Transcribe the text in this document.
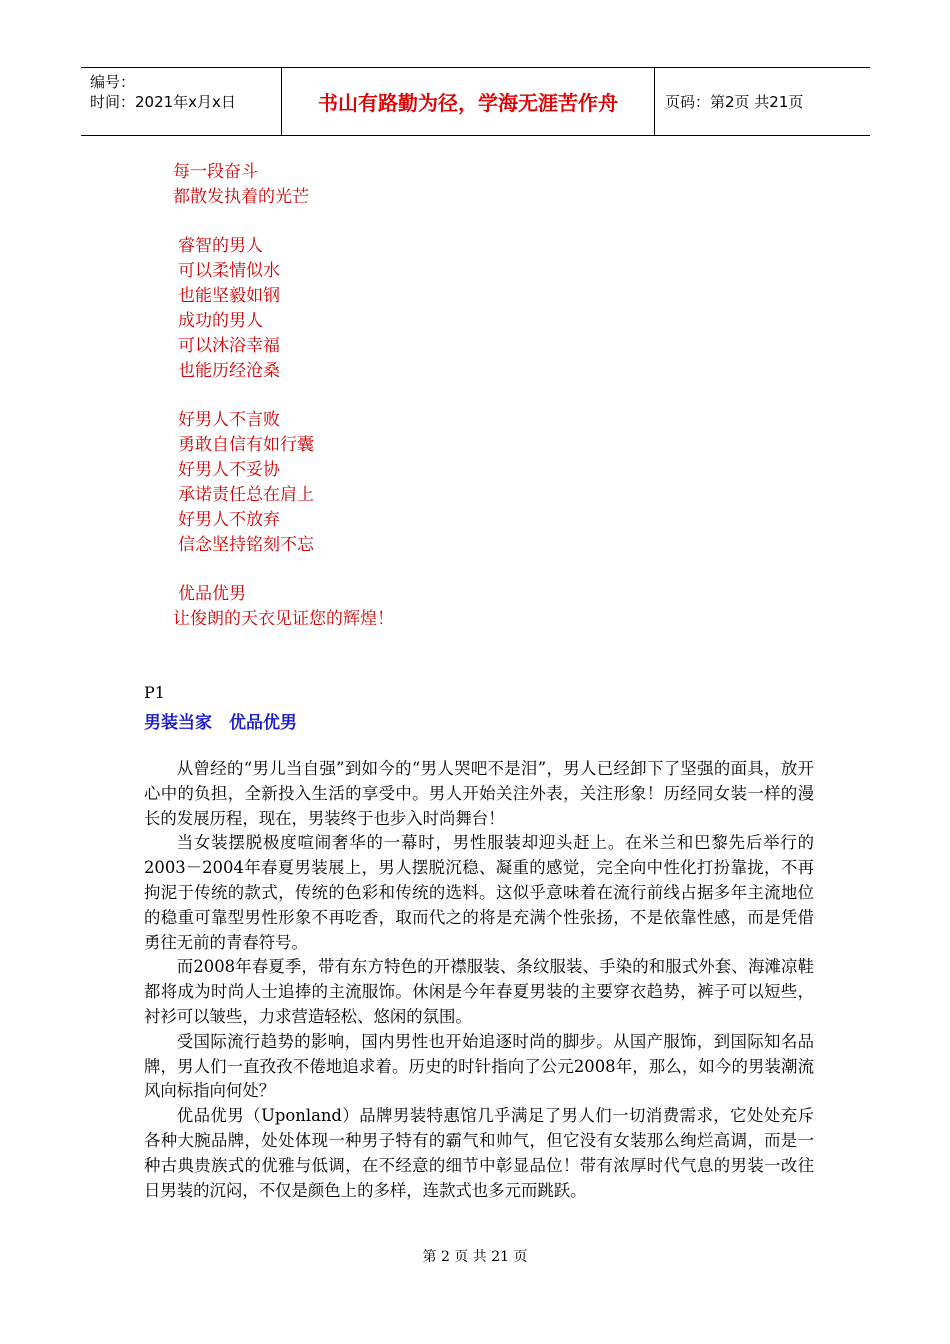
编号：
时间：2021年x月x日	书山有路勤为径，学海无涯苦作舟	页码：第2页 共21页
每一段奋斗
都散发执着的光芒
睿智的男人
可以柔情似水
也能坚毅如钢
成功的男人
可以沐浴幸福
也能历经沧桑
好男人不言败
勇敢自信有如行囊
好男人不妥协
承诺责任总在肩上
好男人不放弃
信念坚持铭刻不忘
优品优男
让俊朗的天衣见证您的辉煌！
P1
男装当家　优品优男

从曾经的“男儿当自强”到如今的“男人哭吧不是泪”，男人已经卸下了坚强的面具，放开心中的负担，全新投入生活的享受中。男人开始关注外表，关注形象！历经同女装一样的漫长的发展历程，现在，男装终于也步入时尚舞台！

当女装摆脱极度喧闹奢华的一幕时，男性服装却迎头赶上。在米兰和巴黎先后举行的2003－2004年春夏男装展上，男人摆脱沉稳、凝重的感觉，完全向中性化打扮靠拢，不再拘泥于传统的款式，传统的色彩和传统的选料。这似乎意味着在流行前线占据多年主流地位的稳重可靠型男性形象不再吃香，取而代之的将是充满个性张扬，不是依靠性感，而是凭借勇往无前的青春符号。

而2008年春夏季，带有东方特色的开襟服装、条纹服装、手染的和服式外套、海滩凉鞋都将成为时尚人士追捧的主流服饰。休闲是今年春夏男装的主要穿衣趋势，裤子可以短些，衬衫可以皱些，力求营造轻松、悠闲的氛围。

受国际流行趋势的影响，国内男性也开始追逐时尚的脚步。从国产服饰，到国际知名品牌，男人们一直孜孜不倦地追求着。历史的时针指向了公元2008年，那么，如今的男装潮流风向标指向何处？

优品优男（Uponland）品牌男装特惠馆几乎满足了男人们一切消费需求，它处处充斥各种大腕品牌，处处体现一种男子特有的霸气和帅气，但它没有女装那么绚烂高调，而是一种古典贵族式的优雅与低调，在不经意的细节中彰显品位！带有浓厚时代气息的男装一改往日男装的沉闷，不仅是颜色上的多样，连款式也多元而跳跃。

第 2 页 共 21 页
